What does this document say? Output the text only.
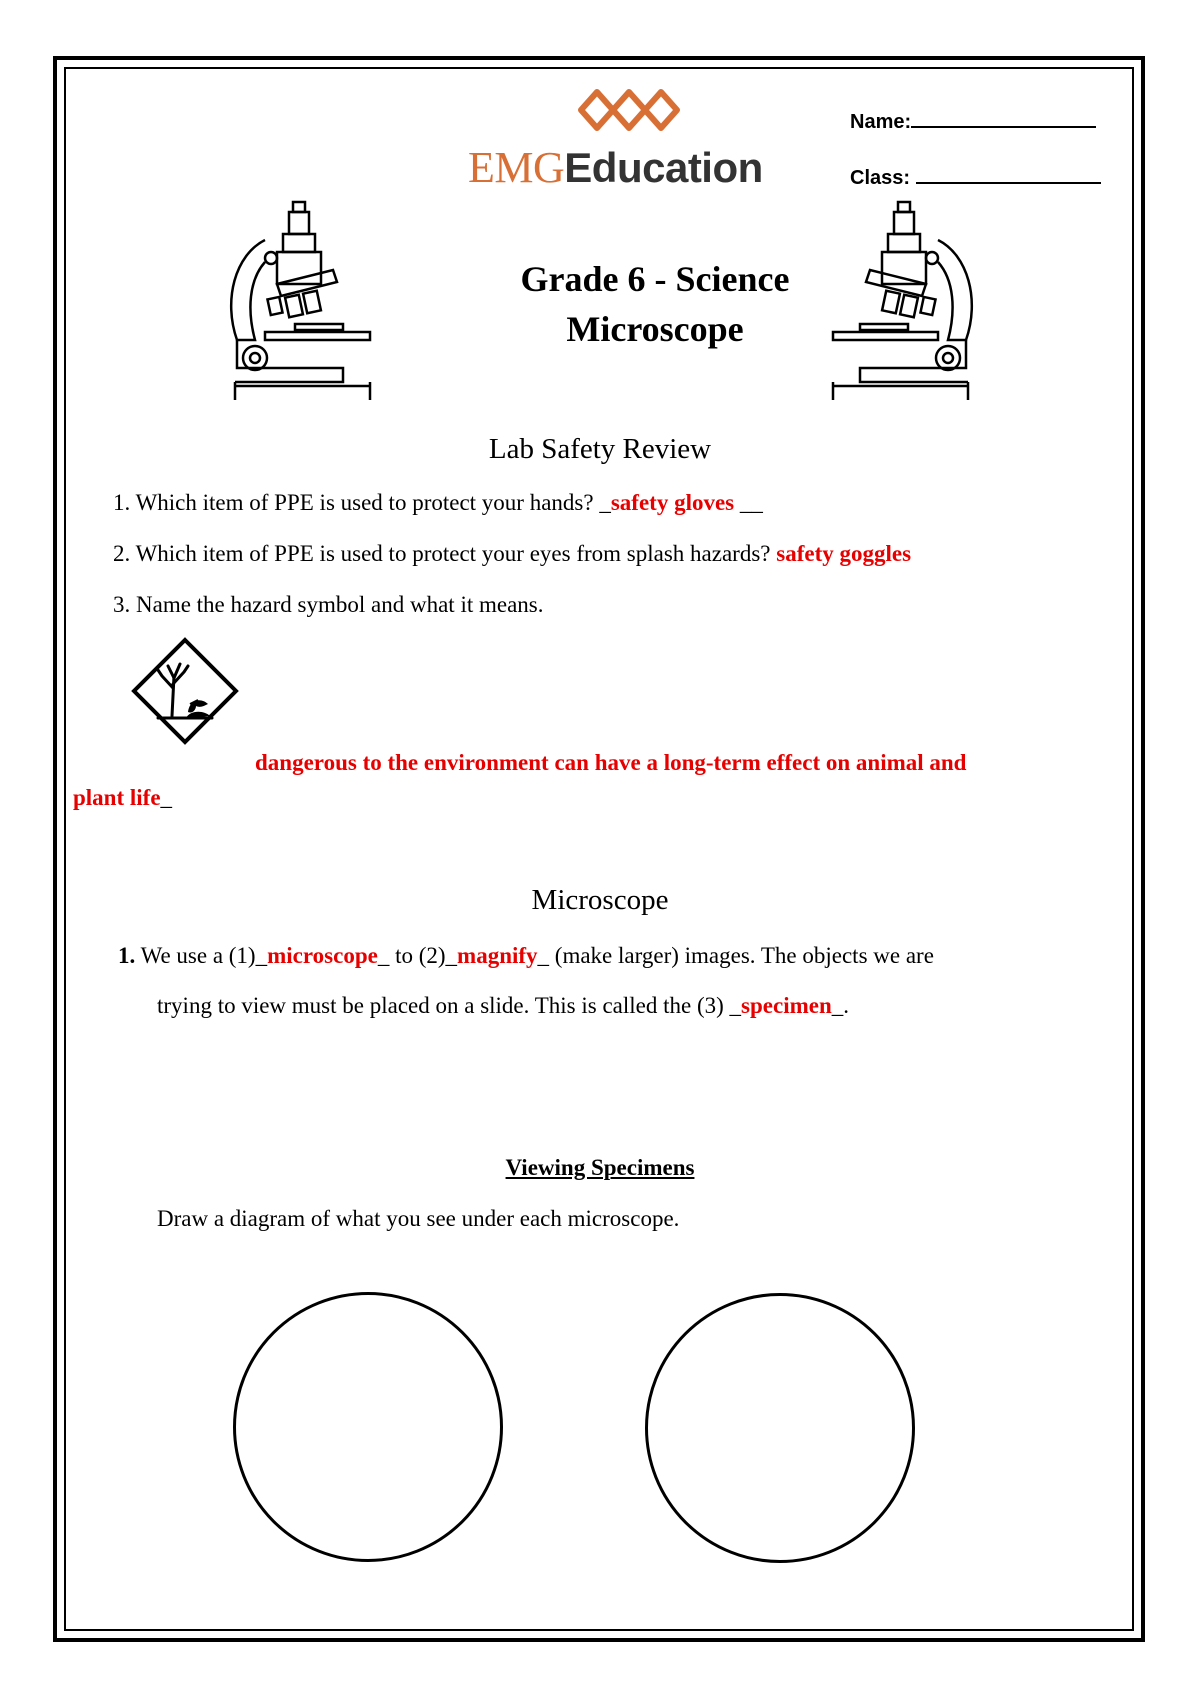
EMGEducation
Name:
Class:
Grade 6 - Science
Microscope
Lab Safety Review
1. Which item of PPE is used to protect your hands? _safety gloves __
2. Which item of PPE is used to protect your eyes from splash hazards? safety goggles
3. Name the hazard symbol and what it means.
dangerous to the environment can have a long-term effect on animal and
plant life_
Microscope
1. We use a (1)_microscope_ to (2)_magnify_ (make larger) images. The objects we are
trying to view must be placed on a slide. This is called the (3) _specimen_.
Viewing Specimens
Draw a diagram of what you see under each microscope.
